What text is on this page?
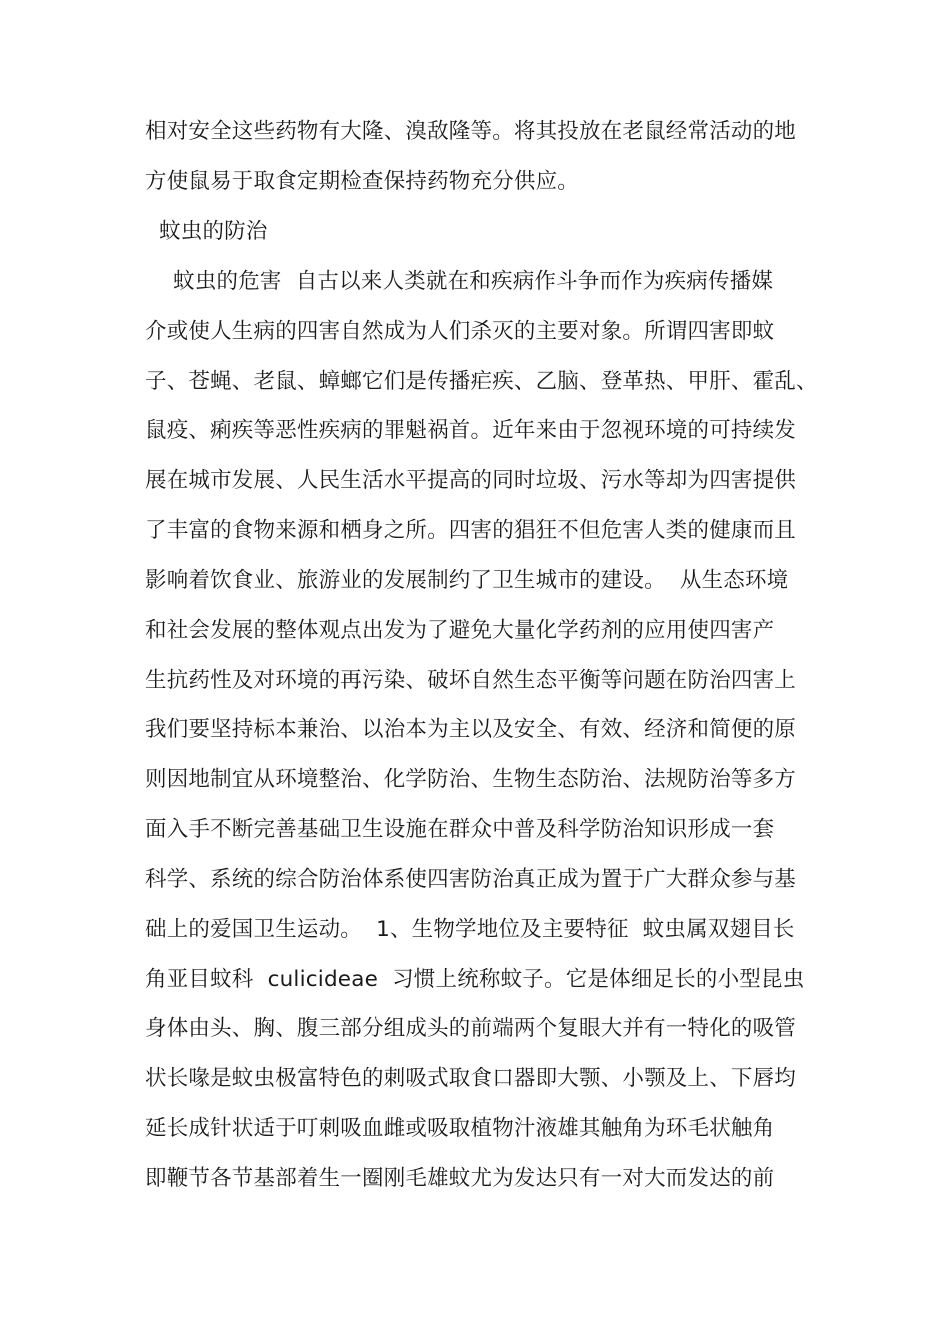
相对安全这些药物有大隆、溴敌隆等。将其投放在老鼠经常活动的地
方使鼠易于取食定期检查保持药物充分供应。
蚊虫的防治
蚊虫的危害  自古以来人类就在和疾病作斗争而作为疾病传播媒
介或使人生病的四害自然成为人们杀灭的主要对象。所谓四害即蚊
子、苍蝇、老鼠、蟑螂它们是传播疟疾、乙脑、登革热、甲肝、霍乱、
鼠疫、痢疾等恶性疾病的罪魁祸首。近年来由于忽视环境的可持续发
展在城市发展、人民生活水平提高的同时垃圾、污水等却为四害提供
了丰富的食物来源和栖身之所。四害的猖狂不但危害人类的健康而且
影响着饮食业、旅游业的发展制约了卫生城市的建设。  从生态环境
和社会发展的整体观点出发为了避免大量化学药剂的应用使四害产
生抗药性及对环境的再污染、破坏自然生态平衡等问题在防治四害上
我们要坚持标本兼治、以治本为主以及安全、有效、经济和简便的原
则因地制宜从环境整治、化学防治、生物生态防治、法规防治等多方
面入手不断完善基础卫生设施在群众中普及科学防治知识形成一套
科学、系统的综合防治体系使四害防治真正成为置于广大群众参与基
础上的爱国卫生运动。  1、生物学地位及主要特征  蚊虫属双翅目长
角亚目蚊科  culicideae  习惯上统称蚊子。它是体细足长的小型昆虫
身体由头、胸、腹三部分组成头的前端两个复眼大并有一特化的吸管
状长喙是蚊虫极富特色的刺吸式取食口器即大颚、小颚及上、下唇均
延长成针状适于叮刺吸血雌或吸取植物汁液雄其触角为环毛状触角
即鞭节各节基部着生一圈刚毛雄蚊尤为发达只有一对大而发达的前
